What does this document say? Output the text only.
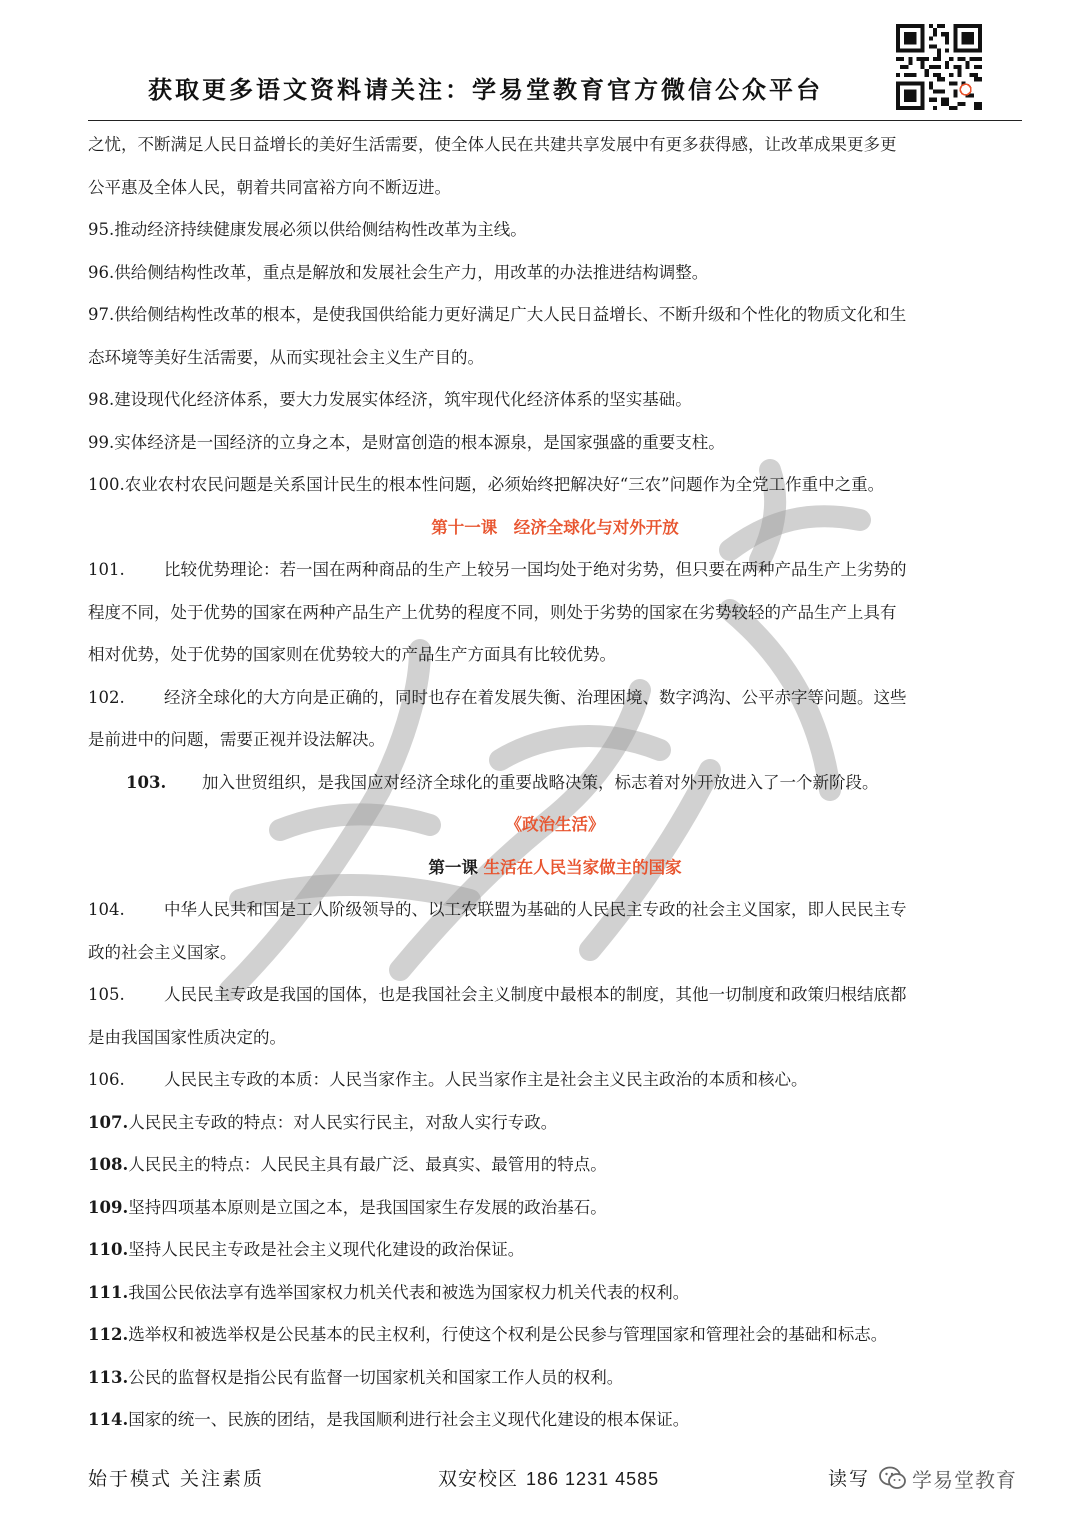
获取更多语文资料请关注：学易堂教育官方微信公众平台

之忧，不断满足人民日益增长的美好生活需要，使全体人民在共建共享发展中有更多获得感，让改革成果更多更

公平惠及全体人民，朝着共同富裕方向不断迈进。

95.推动经济持续健康发展必须以供给侧结构性改革为主线。

96.供给侧结构性改革，重点是解放和发展社会生产力，用改革的办法推进结构调整。

97.供给侧结构性改革的根本，是使我国供给能力更好满足广大人民日益增长、不断升级和个性化的物质文化和生

态环境等美好生活需要，从而实现社会主义生产目的。

98.建设现代化经济体系，要大力发展实体经济，筑牢现代化经济体系的坚实基础。

99.实体经济是一国经济的立身之本，是财富创造的根本源泉，是国家强盛的重要支柱。

100.农业农村农民问题是关系国计民生的根本性问题，必须始终把解决好“三农”问题作为全党工作重中之重。

第十一课　经济全球化与对外开放

101. 比较优势理论：若一国在两种商品的生产上较另一国均处于绝对劣势，但只要在两种产品生产上劣势的

程度不同，处于优势的国家在两种产品生产上优势的程度不同，则处于劣势的国家在劣势较轻的产品生产上具有

相对优势，处于优势的国家则在优势较大的产品生产方面具有比较优势。

102. 经济全球化的大方向是正确的，同时也存在着发展失衡、治理困境、数字鸿沟、公平赤字等问题。这些

是前进中的问题，需要正视并设法解决。

103. 加入世贸组织，是我国应对经济全球化的重要战略决策，标志着对外开放进入了一个新阶段。

《政治生活》

第一课 生活在人民当家做主的国家

104. 中华人民共和国是工人阶级领导的、以工农联盟为基础的人民民主专政的社会主义国家，即人民民主专

政的社会主义国家。

105. 人民民主专政是我国的国体，也是我国社会主义制度中最根本的制度，其他一切制度和政策归根结底都

是由我国国家性质决定的。

106. 人民民主专政的本质：人民当家作主。人民当家作主是社会主义民主政治的本质和核心。

107.人民民主专政的特点：对人民实行民主，对敌人实行专政。

108.人民民主的特点：人民民主具有最广泛、最真实、最管用的特点。

109.坚持四项基本原则是立国之本，是我国国家生存发展的政治基石。

110.坚持人民民主专政是社会主义现代化建设的政治保证。

111.我国公民依法享有选举国家权力机关代表和被选为国家权力机关代表的权利。

112.选举权和被选举权是公民基本的民主权利，行使这个权利是公民参与管理国家和管理社会的基础和标志。

113.公民的监督权是指公民有监督一切国家机关和国家工作人员的权利。

114.国家的统一、民族的团结，是我国顺利进行社会主义现代化建设的根本保证。

始于模式 关注素质	双安校区 186 1231 4585	读写 学易堂教育
